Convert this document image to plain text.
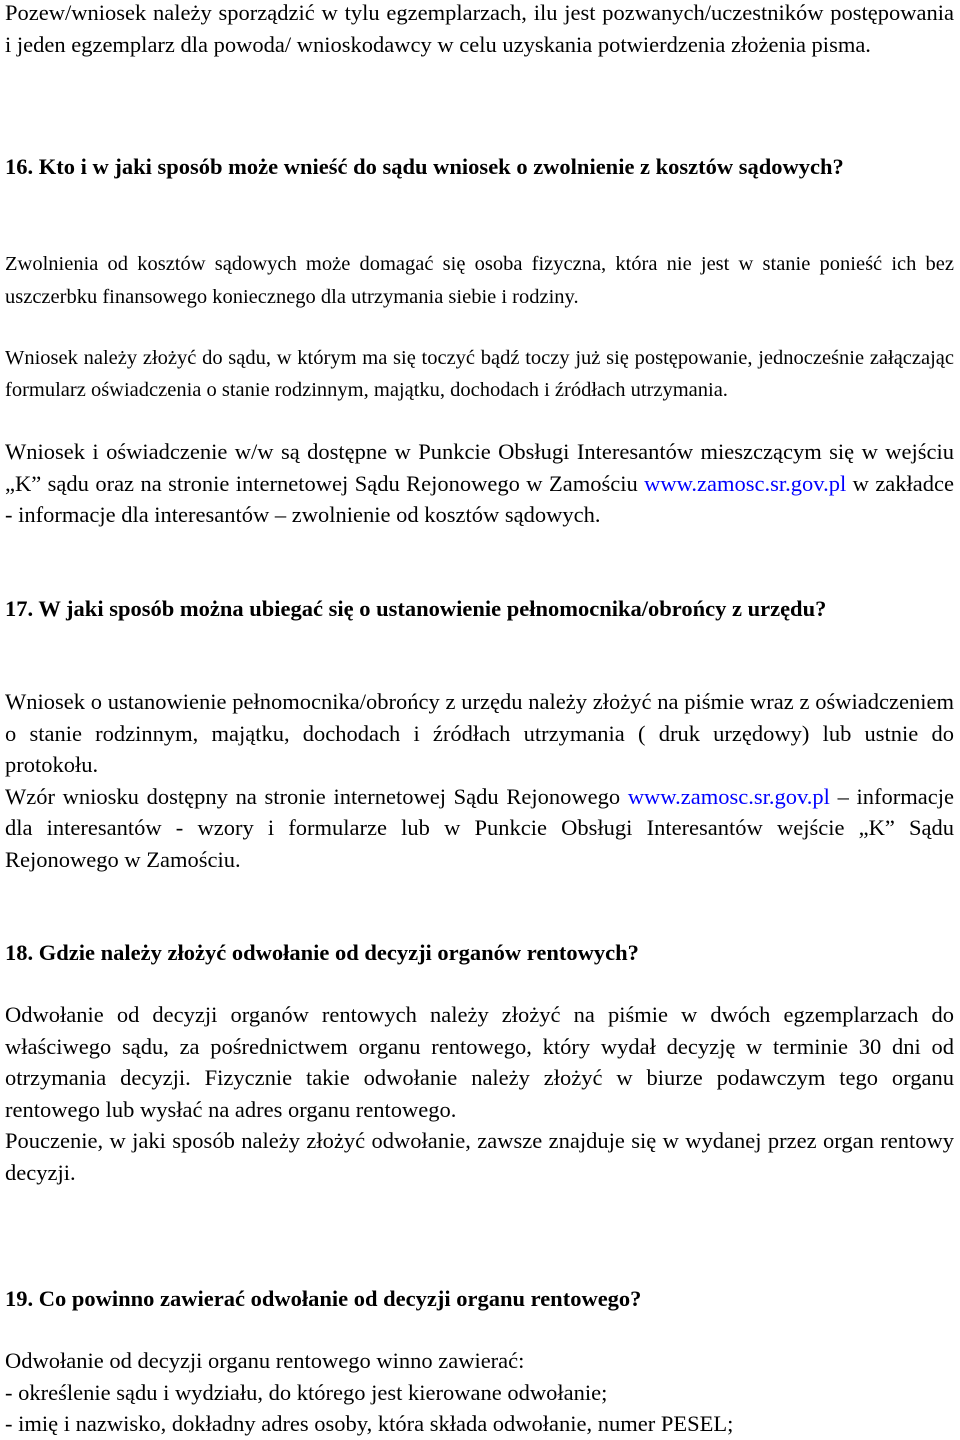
Pozew/wniosek należy sporządzić w tylu egzemplarzach, ilu jest pozwanych/uczestników postępowania i jeden egzemplarz dla powoda/ wnioskodawcy w celu uzyskania potwierdzenia złożenia pisma.

16. Kto i w jaki sposób może wnieść do sądu wniosek o zwolnienie z kosztów sądowych?

Zwolnienia od kosztów sądowych może domagać się osoba fizyczna, która nie jest w stanie ponieść ich bez uszczerbku finansowego koniecznego dla utrzymania siebie i rodziny.

Wniosek należy złożyć do sądu, w którym ma się toczyć bądź toczy już się postępowanie, jednocześnie załączając formularz oświadczenia o stanie rodzinnym, majątku, dochodach i źródłach utrzymania.

Wniosek i oświadczenie w/w są dostępne w Punkcie Obsługi Interesantów mieszczącym się w wejściu „K” sądu oraz na stronie internetowej Sądu Rejonowego w Zamościu www.zamosc.sr.gov.pl w zakładce - informacje dla interesantów – zwolnienie od kosztów sądowych.

17. W jaki sposób można ubiegać się o ustanowienie pełnomocnika/obrońcy z urzędu?

Wniosek o ustanowienie pełnomocnika/obrońcy z urzędu należy złożyć na piśmie wraz z oświadczeniem o stanie rodzinnym, majątku, dochodach i źródłach utrzymania ( druk urzędowy) lub ustnie do protokołu.

Wzór wniosku dostępny na stronie internetowej Sądu Rejonowego www.zamosc.sr.gov.pl – informacje dla interesantów - wzory i formularze lub w Punkcie Obsługi Interesantów wejście „K” Sądu Rejonowego w Zamościu.

18. Gdzie należy złożyć odwołanie od decyzji organów rentowych?

Odwołanie od decyzji organów rentowych należy złożyć na piśmie w dwóch egzemplarzach do właściwego sądu, za pośrednictwem organu rentowego, który wydał decyzję w terminie 30 dni od otrzymania decyzji. Fizycznie takie odwołanie należy złożyć w biurze podawczym tego organu rentowego lub wysłać na adres organu rentowego.

Pouczenie, w jaki sposób należy złożyć odwołanie, zawsze znajduje się w wydanej przez organ rentowy decyzji.

19. Co powinno zawierać odwołanie od decyzji organu rentowego?

Odwołanie od decyzji organu rentowego winno zawierać:

- określenie sądu i wydziału, do którego jest kierowane odwołanie;

- imię i nazwisko, dokładny adres osoby, która składa odwołanie, numer PESEL;
